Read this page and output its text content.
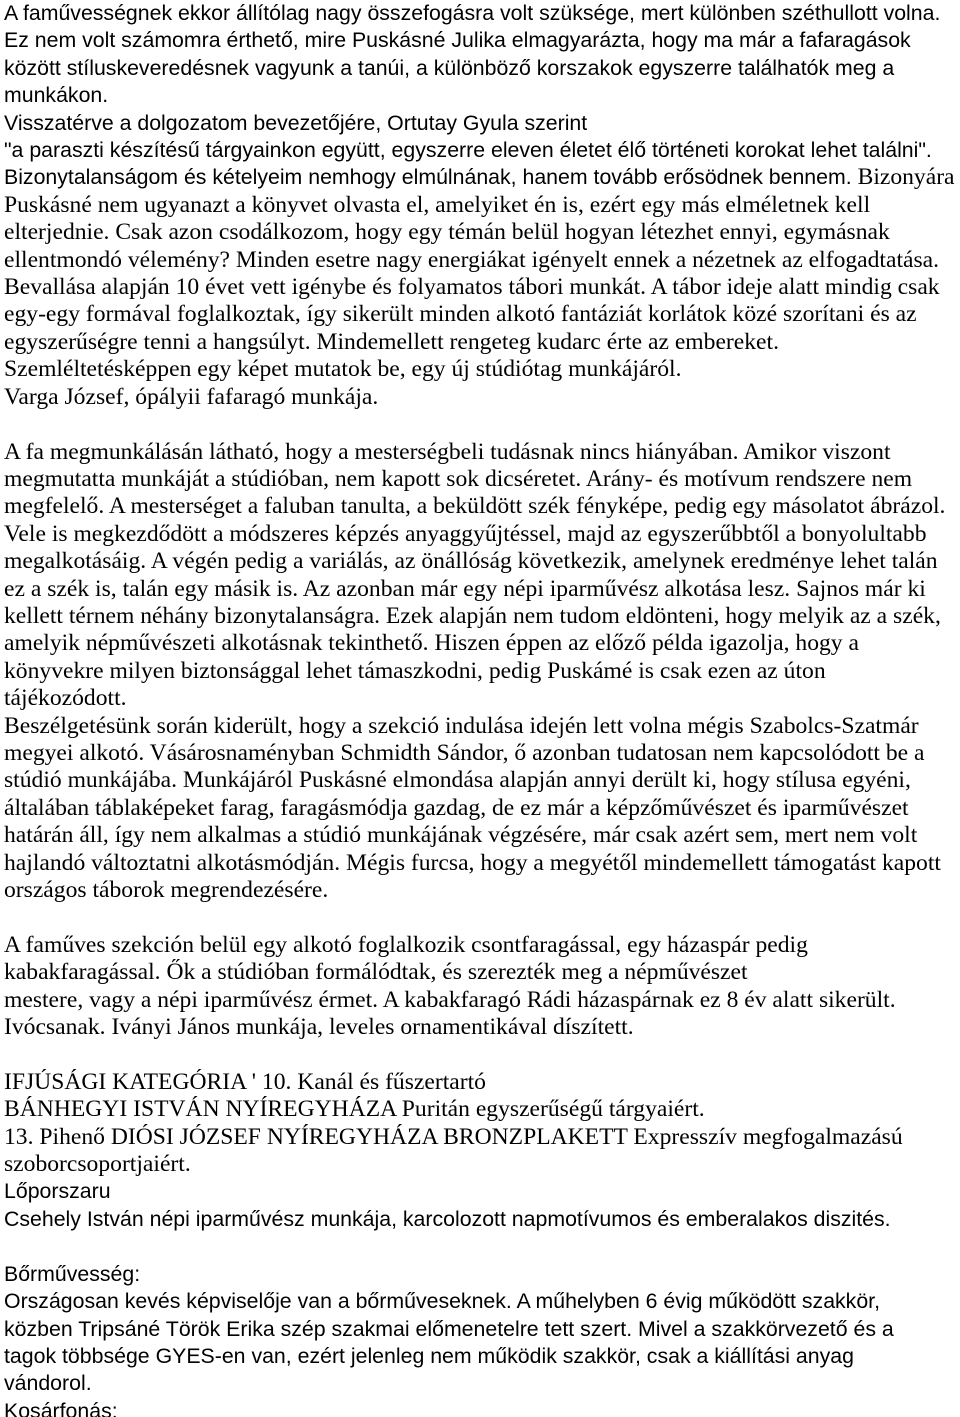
A faművességnek ekkor állítólag nagy összefogásra volt szüksége, mert különben széthullott volna.
Ez nem volt számomra érthető, mire Puskásné Julika elmagyarázta, hogy ma már a fafaragások
között stíluskeveredésnek vagyunk a tanúi, a különböző korszakok egyszerre találhatók meg a
munkákon.
Visszatérve a dolgozatom bevezetőjére, Ortutay Gyula szerint
"a paraszti készítésű tárgyainkon együtt, egyszerre eleven életet élő történeti korokat lehet találni".
Bizonytalanságom és kételyeim nemhogy elmúlnának, hanem tovább erősödnek bennem. Bizonyára
Puskásné nem ugyanazt a könyvet olvasta el, amelyiket én is, ezért egy más elméletnek kell
elterjednie. Csak azon csodálkozom, hogy egy témán belül hogyan létezhet ennyi, egymásnak
ellentmondó vélemény? Minden esetre nagy energiákat igényelt ennek a nézetnek az elfogadtatása.
Bevallása alapján 10 évet vett igénybe és folyamatos tábori munkát. A tábor ideje alatt mindig csak
egy-egy formával foglalkoztak, így sikerült minden alkotó fantáziát korlátok közé szorítani és az
egyszerűségre tenni a hangsúlyt. Mindemellett rengeteg kudarc érte az embereket.
Szemléltetésképpen egy képet mutatok be, egy új stúdiótag munkájáról.
Varga József, ópályii fafaragó munkája.
A fa megmunkálásán látható, hogy a mesterségbeli tudásnak nincs hiányában. Amikor viszont
megmutatta munkáját a stúdióban, nem kapott sok dicséretet. Arány- és motívum rendszere nem
megfelelő. A mesterséget a faluban tanulta, a beküldött szék fényképe, pedig egy másolatot ábrázol.
Vele is megkezdődött a módszeres képzés anyaggyűjtéssel, majd az egyszerűbbtől a bonyolultabb
megalkotásáig. A végén pedig a variálás, az önállóság következik, amelynek eredménye lehet talán
ez a szék is, talán egy másik is. Az azonban már egy népi iparművész alkotása lesz. Sajnos már ki
kellett térnem néhány bizonytalanságra. Ezek alapján nem tudom eldönteni, hogy melyik az a szék,
amelyik népművészeti alkotásnak tekinthető. Hiszen éppen az előző példa igazolja, hogy a
könyvekre milyen biztonsággal lehet támaszkodni, pedig Puskámé is csak ezen az úton
tájékozódott.
Beszélgetésünk során kiderült, hogy a szekció indulása idején lett volna mégis Szabolcs-Szatmár
megyei alkotó. Vásárosnaményban Schmidth Sándor, ő azonban tudatosan nem kapcsolódott be a
stúdió munkájába. Munkájáról Puskásné elmondása alapján annyi derült ki, hogy stílusa egyéni,
általában táblaképeket farag, faragásmódja gazdag, de ez már a képzőművészet és iparművészet
határán áll, így nem alkalmas a stúdió munkájának végzésére, már csak azért sem, mert nem volt
hajlandó változtatni alkotásmódján. Mégis furcsa, hogy a megyétől mindemellett támogatást kapott
országos táborok megrendezésére.
A faműves szekción belül egy alkotó foglalkozik csontfaragással, egy házaspár pedig
kabakfaragással. Ők a stúdióban formálódtak, és szerezték meg a népművészet
mestere, vagy a népi iparművész érmet. A kabakfaragó Rádi házaspárnak ez 8 év alatt sikerült.
Ivócsanak. Iványi János munkája, leveles ornamentikával díszített.
IFJÚSÁGI KATEGÓRIA ' 10. Kanál és fűszertartó
BÁNHEGYI ISTVÁN NYÍREGYHÁZA Puritán egyszerűségű tárgyaiért.
13. Pihenő DIÓSI JÓZSEF NYÍREGYHÁZA BRONZPLAKETT Expresszív megfogalmazású
szoborcsoportjaiért.
Lőporszaru
Csehely István népi iparművész munkája, karcolozott napmotívumos és emberalakos diszités.
Bőrművesség:
Országosan kevés képviselője van a bőrműveseknek. A műhelyben 6 évig működött szakkör,
közben Tripsáné Török Erika szép szakmai előmenetelre tett szert. Mivel a szakkörvezető és a
tagok többsége GYES-en van, ezért jelenleg nem működik szakkör, csak a kiállítási anyag
vándorol.
Kosárfonás:
